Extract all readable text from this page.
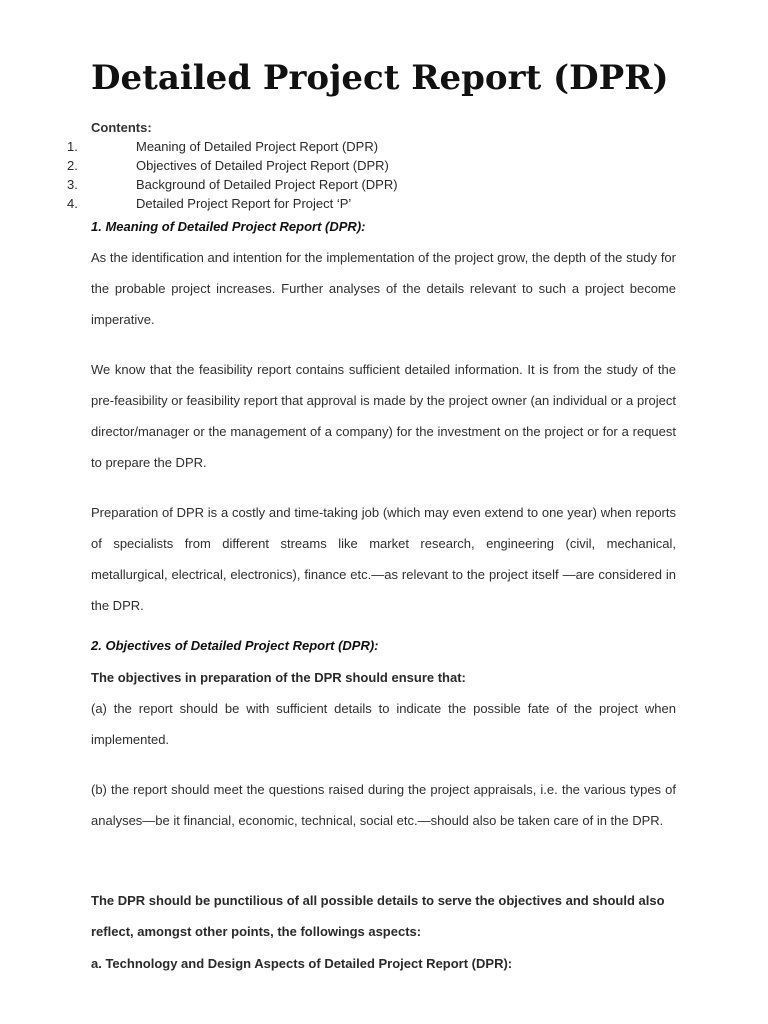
Detailed Project Report (DPR)
Contents:
1.	Meaning of Detailed Project Report (DPR)
2.	Objectives of Detailed Project Report (DPR)
3.	Background of Detailed Project Report (DPR)
4.	Detailed Project Report for Project ‘P’
1. Meaning of Detailed Project Report (DPR):

As the identification and intention for the implementation of the project grow, the depth of the study for the probable project increases. Further analyses of the details relevant to such a project become imperative.

We know that the feasibility report contains sufficient detailed information. It is from the study of the pre-feasibility or feasibility report that approval is made by the project owner (an individual or a project director/manager or the management of a company) for the investment on the project or for a request to prepare the DPR.

Preparation of DPR is a costly and time-taking job (which may even extend to one year) when reports of specialists from different streams like market research, engineering (civil, mechanical, metallurgical, electrical, electronics), finance etc.—as relevant to the project itself —are considered in the DPR.

2. Objectives of Detailed Project Report (DPR):

The objectives in preparation of the DPR should ensure that:

(a) the report should be with sufficient details to indicate the possible fate of the project when implemented.

(b) the report should meet the questions raised during the project appraisals, i.e. the various types of analyses—be it financial, economic, technical, social etc.—should also be taken care of in the DPR.

The DPR should be punctilious of all possible details to serve the objectives and should also reflect, amongst other points, the followings aspects:

a. Technology and Design Aspects of Detailed Project Report (DPR):
